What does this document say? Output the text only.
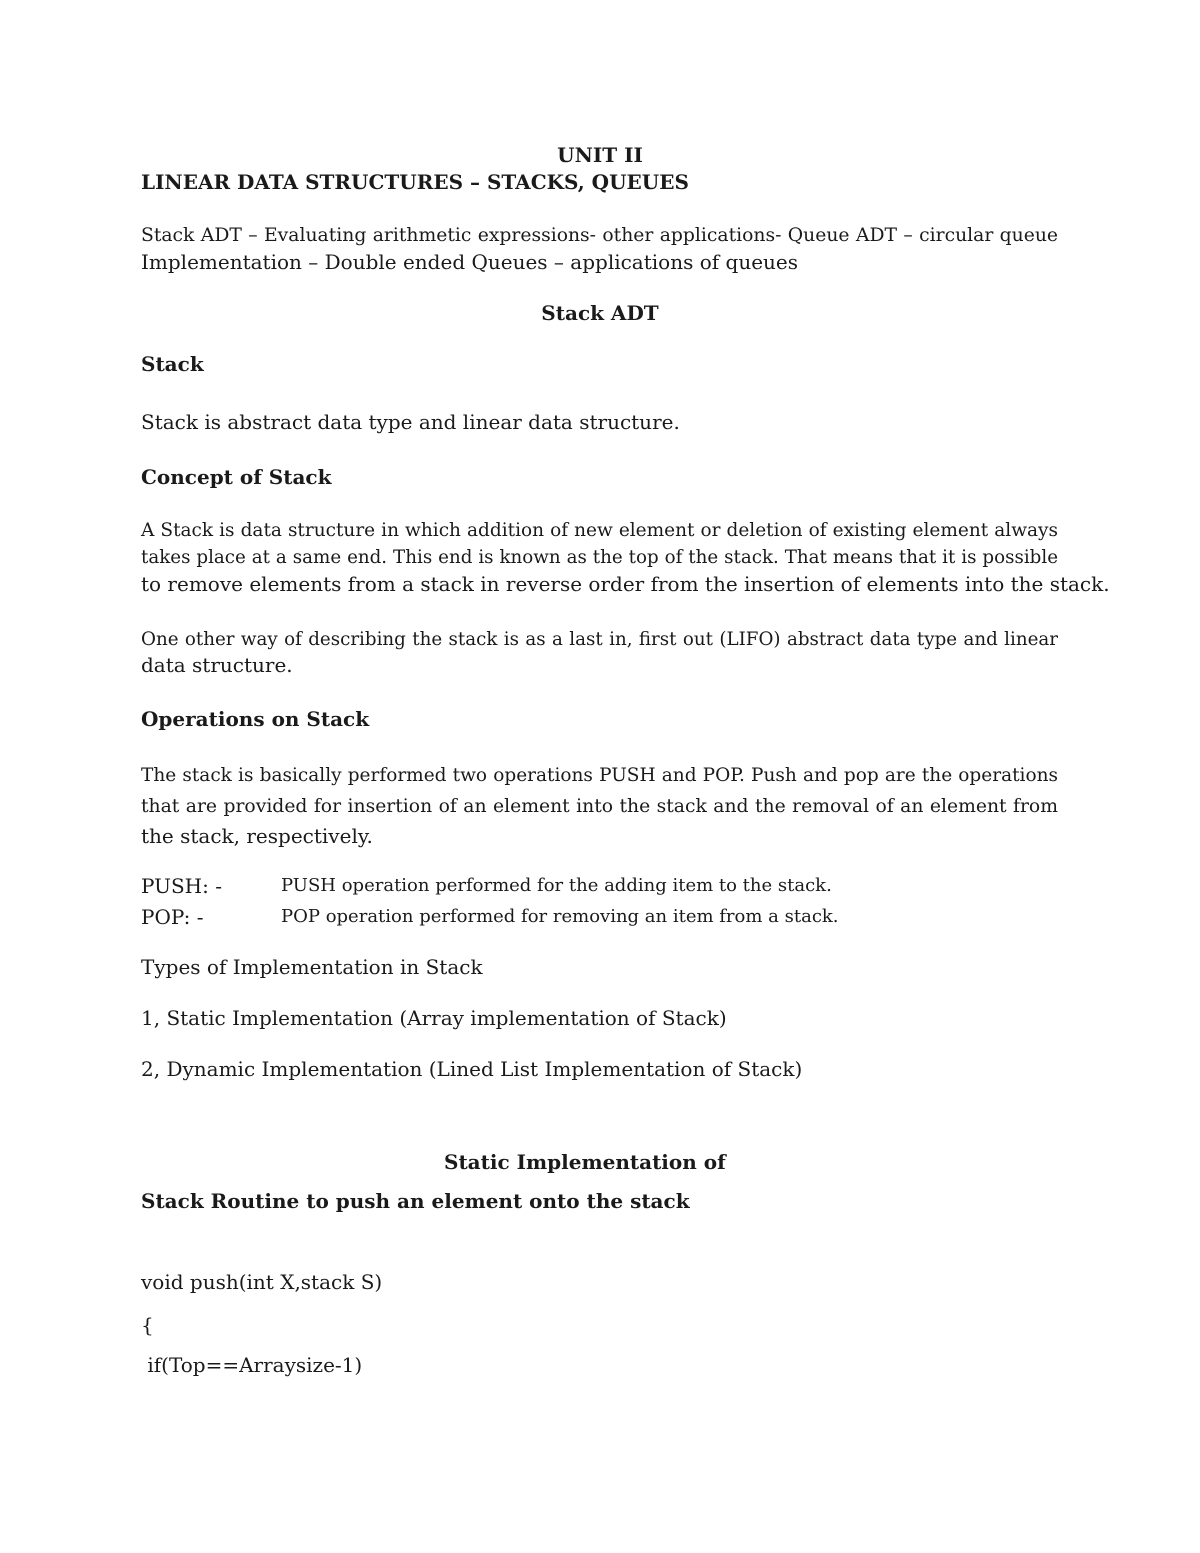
UNIT II
LINEAR DATA STRUCTURES – STACKS, QUEUES
Stack ADT – Evaluating arithmetic expressions- other applications- Queue ADT – circular queue
Implementation – Double ended Queues – applications of queues
Stack ADT
Stack
Stack is abstract data type and linear data structure.
Concept of Stack
A Stack is data structure in which addition of new element or deletion of existing element always
takes place at a same end. This end is known as the top of the stack. That means that it is possible
to remove elements from a stack in reverse order from the insertion of elements into the stack.
One other way of describing the stack is as a last in, first out (LIFO) abstract data type and linear
data structure.
Operations on Stack
The stack is basically performed two operations PUSH and POP. Push and pop are the operations
that are provided for insertion of an element into the stack and the removal of an element from
the stack, respectively.
PUSH: -	PUSH operation performed for the adding item to the stack.
POP: -	POP operation performed for removing an item from a stack.
Types of Implementation in Stack
1, Static Implementation (Array implementation of Stack)
2, Dynamic Implementation (Lined List Implementation of Stack)
Static Implementation of
Stack Routine to push an element onto the stack
void push(int X,stack S)
{
if(Top==Arraysize-1)
